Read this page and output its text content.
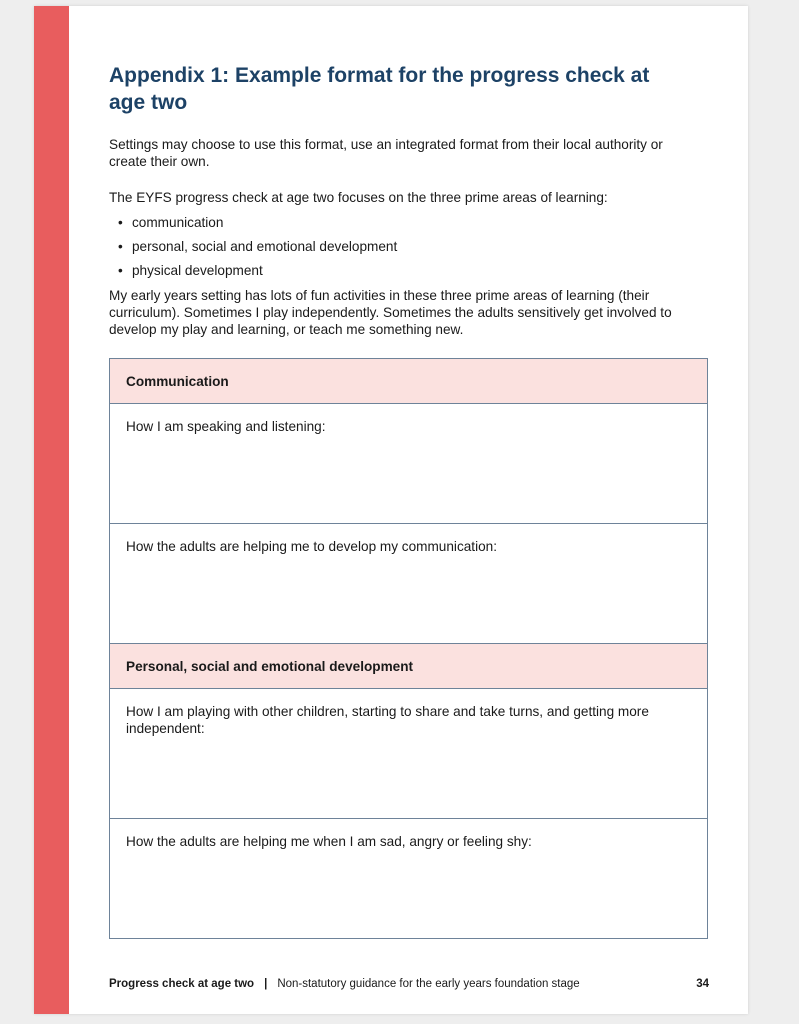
Appendix 1: Example format for the progress check at age two

Settings may choose to use this format, use an integrated format from their local authority or create their own.

The EYFS progress check at age two focuses on the three prime areas of learning:

• communication
• personal, social and emotional development
• physical development

My early years setting has lots of fun activities in these three prime areas of learning (their curriculum). Sometimes I play independently. Sometimes the adults sensitively get involved to develop my play and learning, or teach me something new.

Communication
How I am speaking and listening:
How the adults are helping me to develop my communication:
Personal, social and emotional development
How I am playing with other children, starting to share and take turns, and getting more independent:
How the adults are helping me when I am sad, angry or feeling shy:
Progress check at age two | Non-statutory guidance for the early years foundation stage	34
